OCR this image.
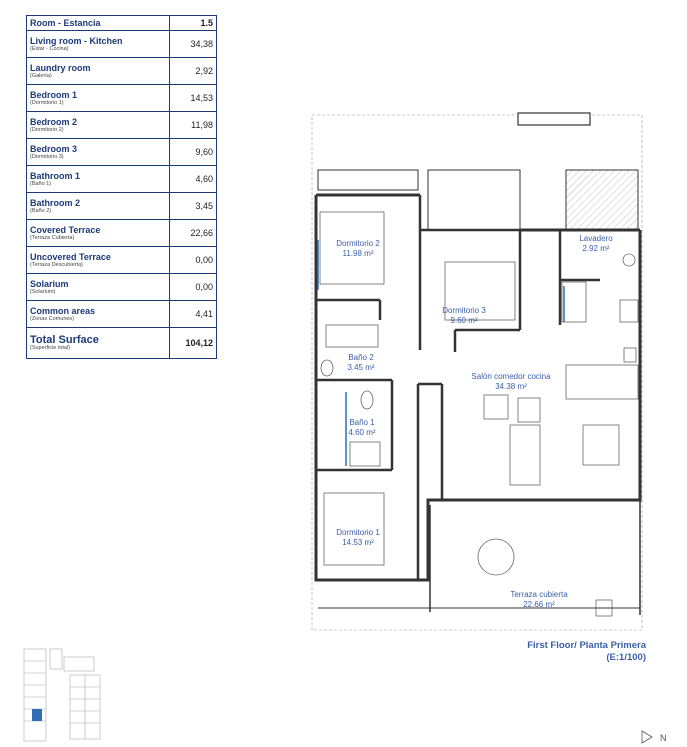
Room - Estancia	1.5

Living room - Kitchen
(Estar - Cocina)	34,38

Laundry room
(Galería)	2,92

Bedroom 1
(Dormitorio 1)	14,53

Bedroom 2
(Dormitorio 2)	11,98

Bedroom 3
(Dormitorio 3)	9,60

Bathroom 1
(Baño 1)	4,60

Bathroom 2
(Baño 2)	3,45

Covered Terrace
(Terraza Cubierta)	22,66

Uncovered Terrace
(Terraza Descubierta)	0,00

Solarium
(Solarium)	0,00

Common areas
(Zonas Comunes)	4,41

Total Surface
(Superficie total)	104,12
Dormitorio 2
11.98 m²
Dormitorio 3
9.60 m²
Lavadero
2.92 m²
Baño 2
3.45 m²
Salón comedor cocina
34.38 m²
Baño 1
4.60 m²
Dormitorio 1
14.53 m²
Terraza cubierta
22.66 m²
N
First Floor/ Planta Primera
(E:1/100)
